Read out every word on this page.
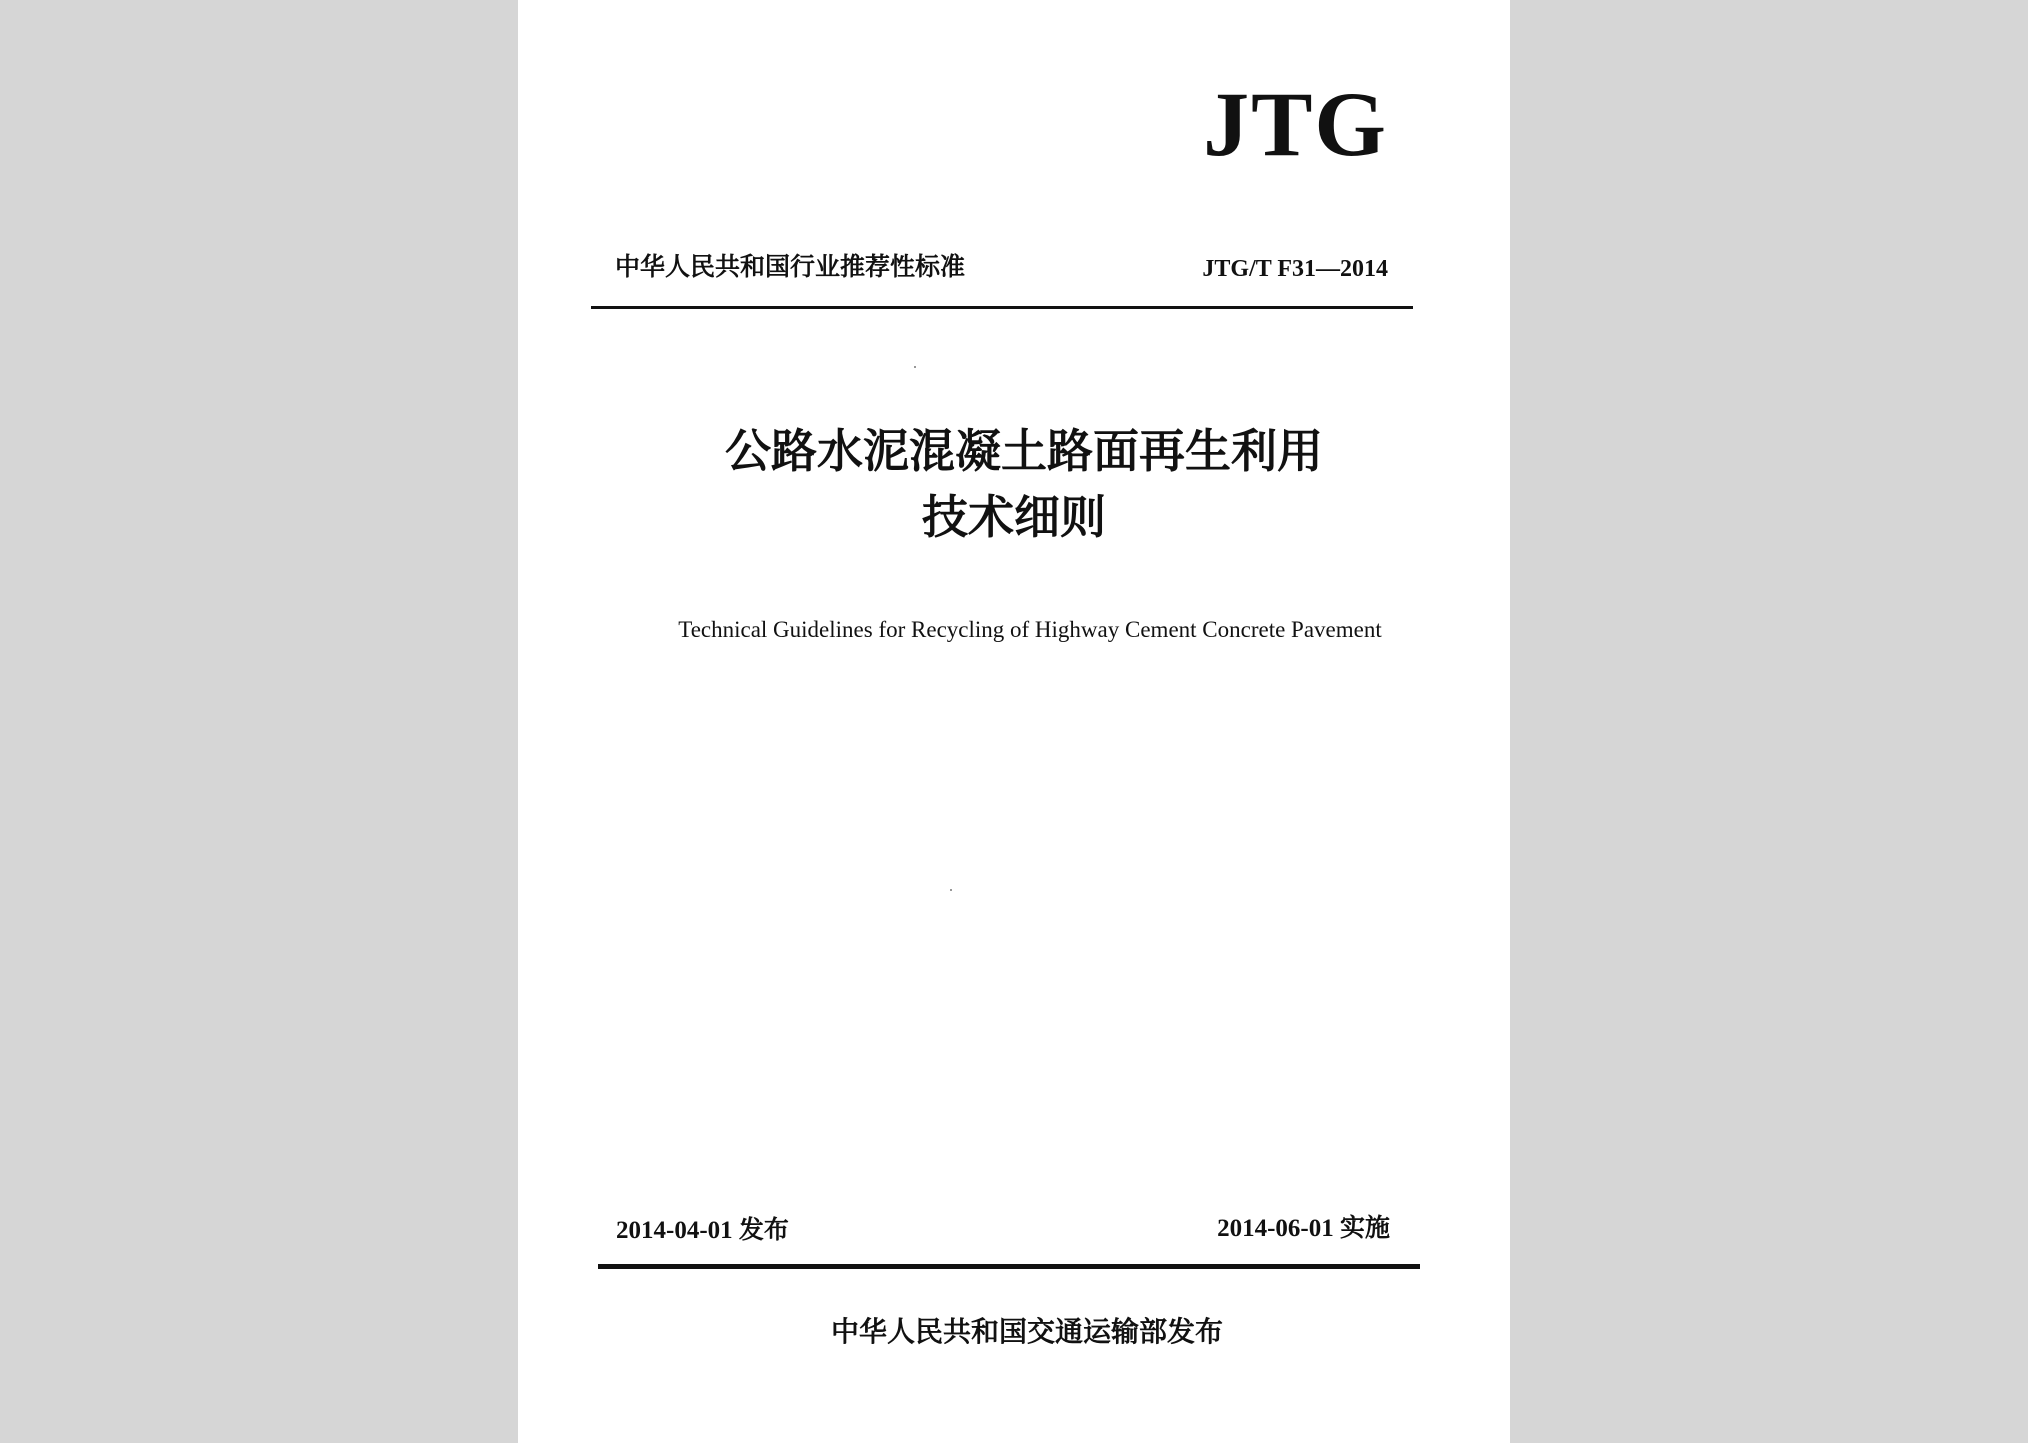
JTG
中华人民共和国行业推荐性标准	JTG/T F31—2014
公路水泥混凝土路面再生利用
技术细则
Technical Guidelines for Recycling of Highway Cement Concrete Pavement
2014-04-01 发布	2014-06-01 实施
中华人民共和国交通运输部发布
